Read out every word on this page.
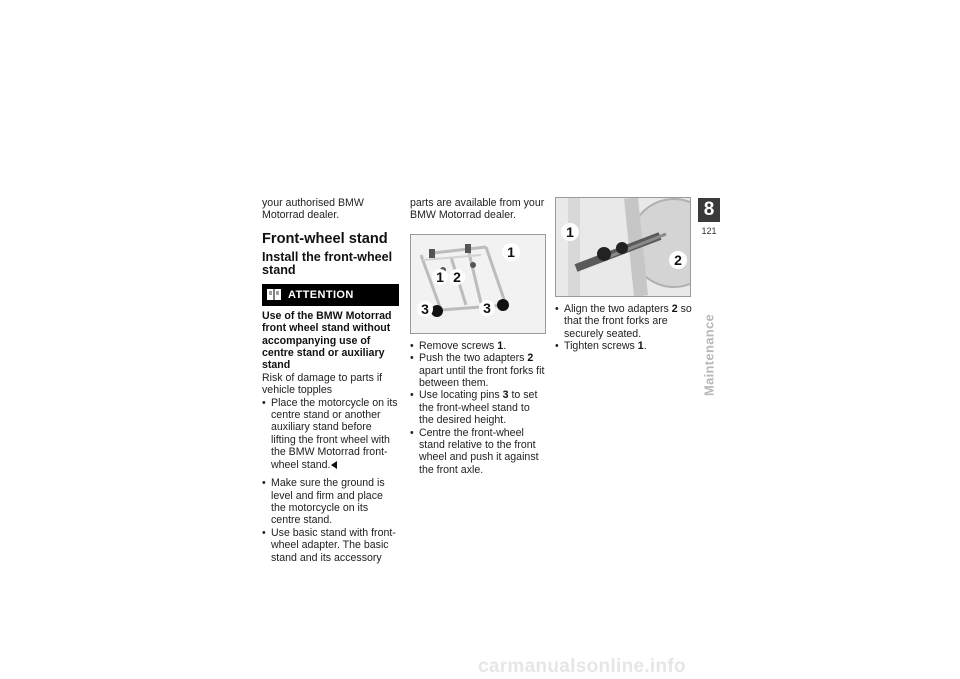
your authorised BMW Motorrad dealer.

Front-wheel stand
Install the front-wheel stand
ATTENTION

Use of the BMW Motorrad front wheel stand without accompanying use of centre stand or auxiliary stand

Risk of damage to parts if vehicle topples

• Place the motorcycle on its centre stand or another auxiliary stand before lifting the front wheel with the BMW Motorrad front-wheel stand.
• Make sure the ground is level and firm and place the motorcycle on its centre stand.
• Use basic stand with front-wheel adapter. The basic stand and its accessory

parts are available from your BMW Motorrad dealer.

1
1 2
3	3
• Remove screws 1.
• Push the two adapters 2 apart until the front forks fit between them.
• Use locating pins 3 to set the front-wheel stand to the desired height.
• Centre the front-wheel stand relative to the front wheel and push it against the front axle.
1
2
• Align the two adapters 2 so that the front forks are securely seated.
• Tighten screws 1.
8
121
Maintenance
carmanualsonline.info
